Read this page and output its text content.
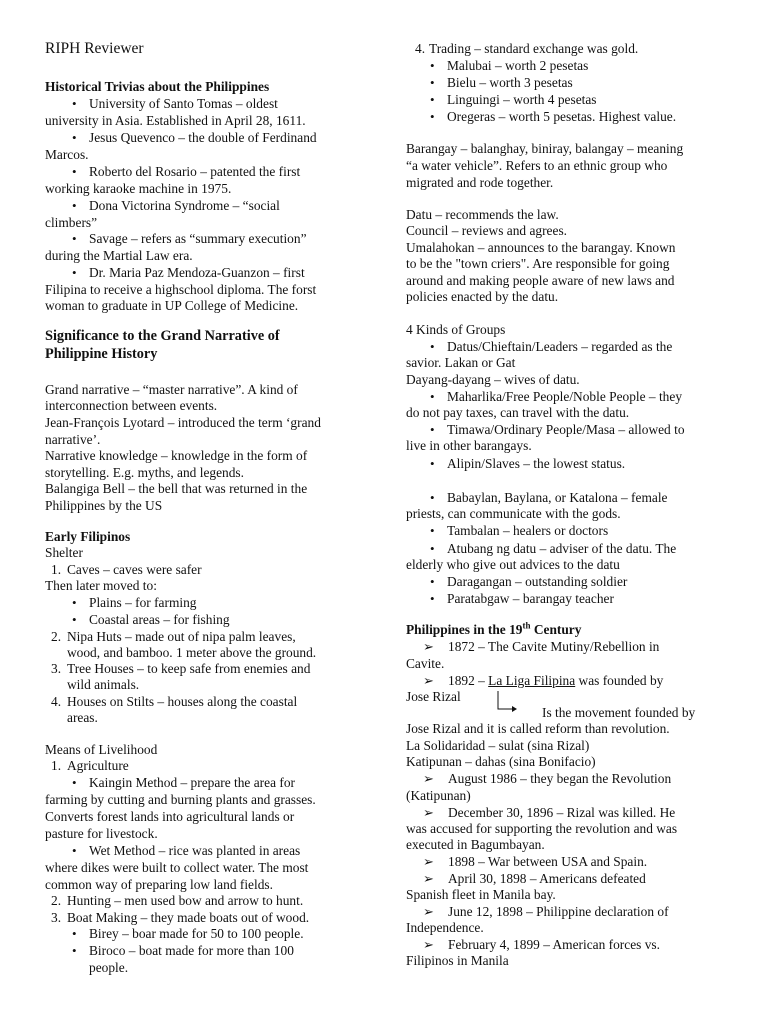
RIPH Reviewer
Historical Trivias about the Philippines
• University of Santo Tomas – oldest
university in Asia. Established in April 28, 1611.
• Jesus Quevenco – the double of Ferdinand
Marcos.
• Roberto del Rosario – patented the first
working karaoke machine in 1975.
• Dona Victorina Syndrome – “social
climbers”
• Savage – refers as “summary execution”
during the Martial Law era.
• Dr. Maria Paz Mendoza-Guanzon – first
Filipina to receive a highschool diploma. The forst
woman to graduate in UP College of Medicine.
Significance to the Grand Narrative of
Philippine History
Grand narrative – “master narrative”. A kind of
interconnection between events.
Jean-François Lyotard – introduced the term ‘grand
narrative’.
Narrative knowledge – knowledge in the form of
storytelling. E.g. myths, and legends.
Balangiga Bell – the bell that was returned in the
Philippines by the US
Early Filipinos
Shelter
1. Caves – caves were safer
Then later moved to:
• Plains – for farming
• Coastal areas – for fishing
2. Nipa Huts – made out of nipa palm leaves,
wood, and bamboo. 1 meter above the ground.
3. Tree Houses – to keep safe from enemies and
wild animals.
4. Houses on Stilts – houses along the coastal
areas.
Means of Livelihood
1. Agriculture
• Kaingin Method – prepare the area for
farming by cutting and burning plants and grasses.
Converts forest lands into agricultural lands or
pasture for livestock.
• Wet Method – rice was planted in areas
where dikes were built to collect water. The most
common way of preparing low land fields.
2. Hunting – men used bow and arrow to hunt.
3. Boat Making – they made boats out of wood.
• Birey – boar made for 50 to 100 people.
• Biroco – boat made for more than 100
people.
4. Trading – standard exchange was gold.
• Malubai – worth 2 pesetas
• Bielu – worth 3 pesetas
• Linguingi – worth 4 pesetas
• Oregeras – worth 5 pesetas. Highest value.
Barangay – balanghay, biniray, balangay – meaning
“a water vehicle”. Refers to an ethnic group who
migrated and rode together.
Datu – recommends the law.
Council – reviews and agrees.
Umalahokan – announces to the barangay. Known
to be the "town criers". Are responsible for going
around and making people aware of new laws and
policies enacted by the datu.
4 Kinds of Groups
• Datus/Chieftain/Leaders – regarded as the
savior. Lakan or Gat
Dayang-dayang – wives of datu.
• Maharlika/Free People/Noble People – they
do not pay taxes, can travel with the datu.
• Timawa/Ordinary People/Masa – allowed to
live in other barangays.
• Alipin/Slaves – the lowest status.
• Babaylan, Baylana, or Katalona – female
priests, can communicate with the gods.
• Tambalan – healers or doctors
• Atubang ng datu – adviser of the datu. The
elderly who give out advices to the datu
• Daragangan – outstanding soldier
• Paratabgaw – barangay teacher
Philippines in the 19th Century
➢ 1872 – The Cavite Mutiny/Rebellion in
Cavite.
➢ 1892 – La Liga Filipina was founded by
Jose Rizal
Is the movement founded by
Jose Rizal and it is called reform than revolution.
La Solidaridad – sulat (sina Rizal)
Katipunan – dahas (sina Bonifacio)
➢ August 1986 – they began the Revolution
(Katipunan)
➢ December 30, 1896 – Rizal was killed. He
was accused for supporting the revolution and was
executed in Bagumbayan.
➢ 1898 – War between USA and Spain.
➢ April 30, 1898 – Americans defeated
Spanish fleet in Manila bay.
➢ June 12, 1898 – Philippine declaration of
Independence.
➢ February 4, 1899 – American forces vs.
Filipinos in Manila
